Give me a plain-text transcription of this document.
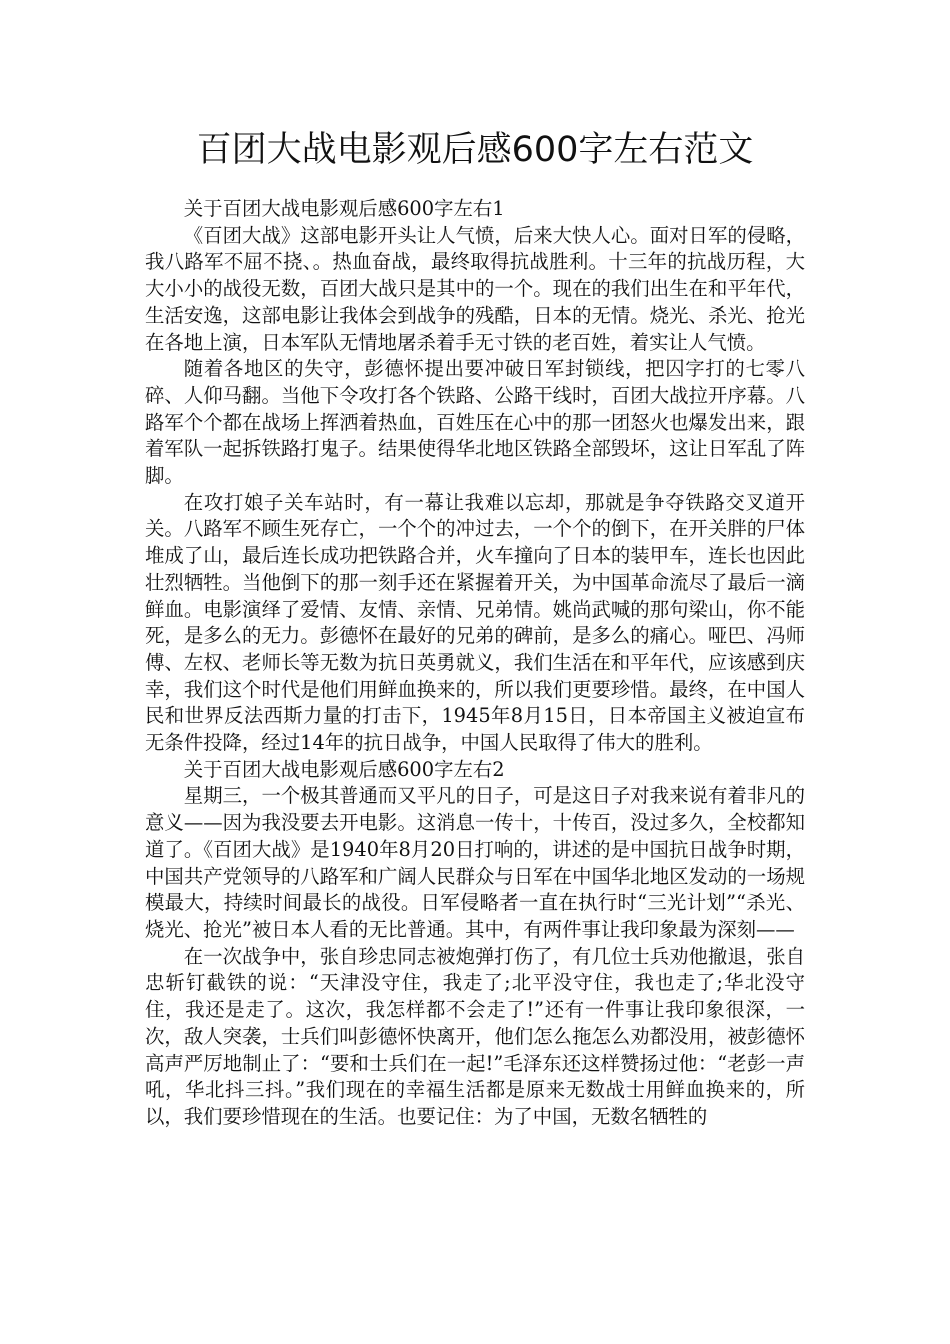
百团大战电影观后感600字左右范文

关于百团大战电影观后感600字左右1

《百团大战》这部电影开头让人气愤，后来大快人心。面对日军的侵略，我八路军不屈不挠、。热血奋战，最终取得抗战胜利。十三年的抗战历程，大大小小的战役无数，百团大战只是其中的一个。现在的我们出生在和平年代，生活安逸，这部电影让我体会到战争的残酷，日本的无情。烧光、杀光、抢光在各地上演，日本军队无情地屠杀着手无寸铁的老百姓，着实让人气愤。

随着各地区的失守，彭德怀提出要冲破日军封锁线，把囚字打的七零八碎、人仰马翻。当他下令攻打各个铁路、公路干线时，百团大战拉开序幕。八路军个个都在战场上挥洒着热血，百姓压在心中的那一团怒火也爆发出来，跟着军队一起拆铁路打鬼子。结果使得华北地区铁路全部毁坏，这让日军乱了阵脚。

在攻打娘子关车站时，有一幕让我难以忘却，那就是争夺铁路交叉道开关。八路军不顾生死存亡，一个个的冲过去，一个个的倒下，在开关胖的尸体堆成了山，最后连长成功把铁路合并，火车撞向了日本的装甲车，连长也因此壮烈牺牲。当他倒下的那一刻手还在紧握着开关，为中国革命流尽了最后一滴鲜血。电影演绎了爱情、友情、亲情、兄弟情。姚尚武喊的那句梁山，你不能死，是多么的无力。彭德怀在最好的兄弟的碑前，是多么的痛心。哑巴、冯师傅、左权、老师长等无数为抗日英勇就义，我们生活在和平年代，应该感到庆幸，我们这个时代是他们用鲜血换来的，所以我们更要珍惜。最终，在中国人民和世界反法西斯力量的打击下，1945年8月15日，日本帝国主义被迫宣布无条件投降，经过14年的抗日战争，中国人民取得了伟大的胜利。

关于百团大战电影观后感600字左右2

星期三，一个极其普通而又平凡的日子，可是这日子对我来说有着非凡的意义——因为我没要去开电影。这消息一传十，十传百，没过多久，全校都知道了。《百团大战》是1940年8月20日打响的，讲述的是中国抗日战争时期，中国共产党领导的八路军和广阔人民群众与日军在中国华北地区发动的一场规模最大，持续时间最长的战役。日军侵略者一直在执行时“三光计划”“杀光、烧光、抢光”被日本人看的无比普通。其中，有两件事让我印象最为深刻——

在一次战争中，张自珍忠同志被炮弹打伤了，有几位士兵劝他撤退，张自忠斩钉截铁的说：“天津没守住，我走了;北平没守住，我也走了;华北没守住，我还是走了。这次，我怎样都不会走了!”还有一件事让我印象很深，一次，敌人突袭，士兵们叫彭德怀快离开，他们怎么拖怎么劝都没用，被彭德怀高声严厉地制止了：“要和士兵们在一起!”毛泽东还这样赞扬过他：“老彭一声吼，华北抖三抖。”我们现在的幸福生活都是原来无数战士用鲜血换来的，所以，我们要珍惜现在的生活。也要记住：为了中国，无数名牺牲的
